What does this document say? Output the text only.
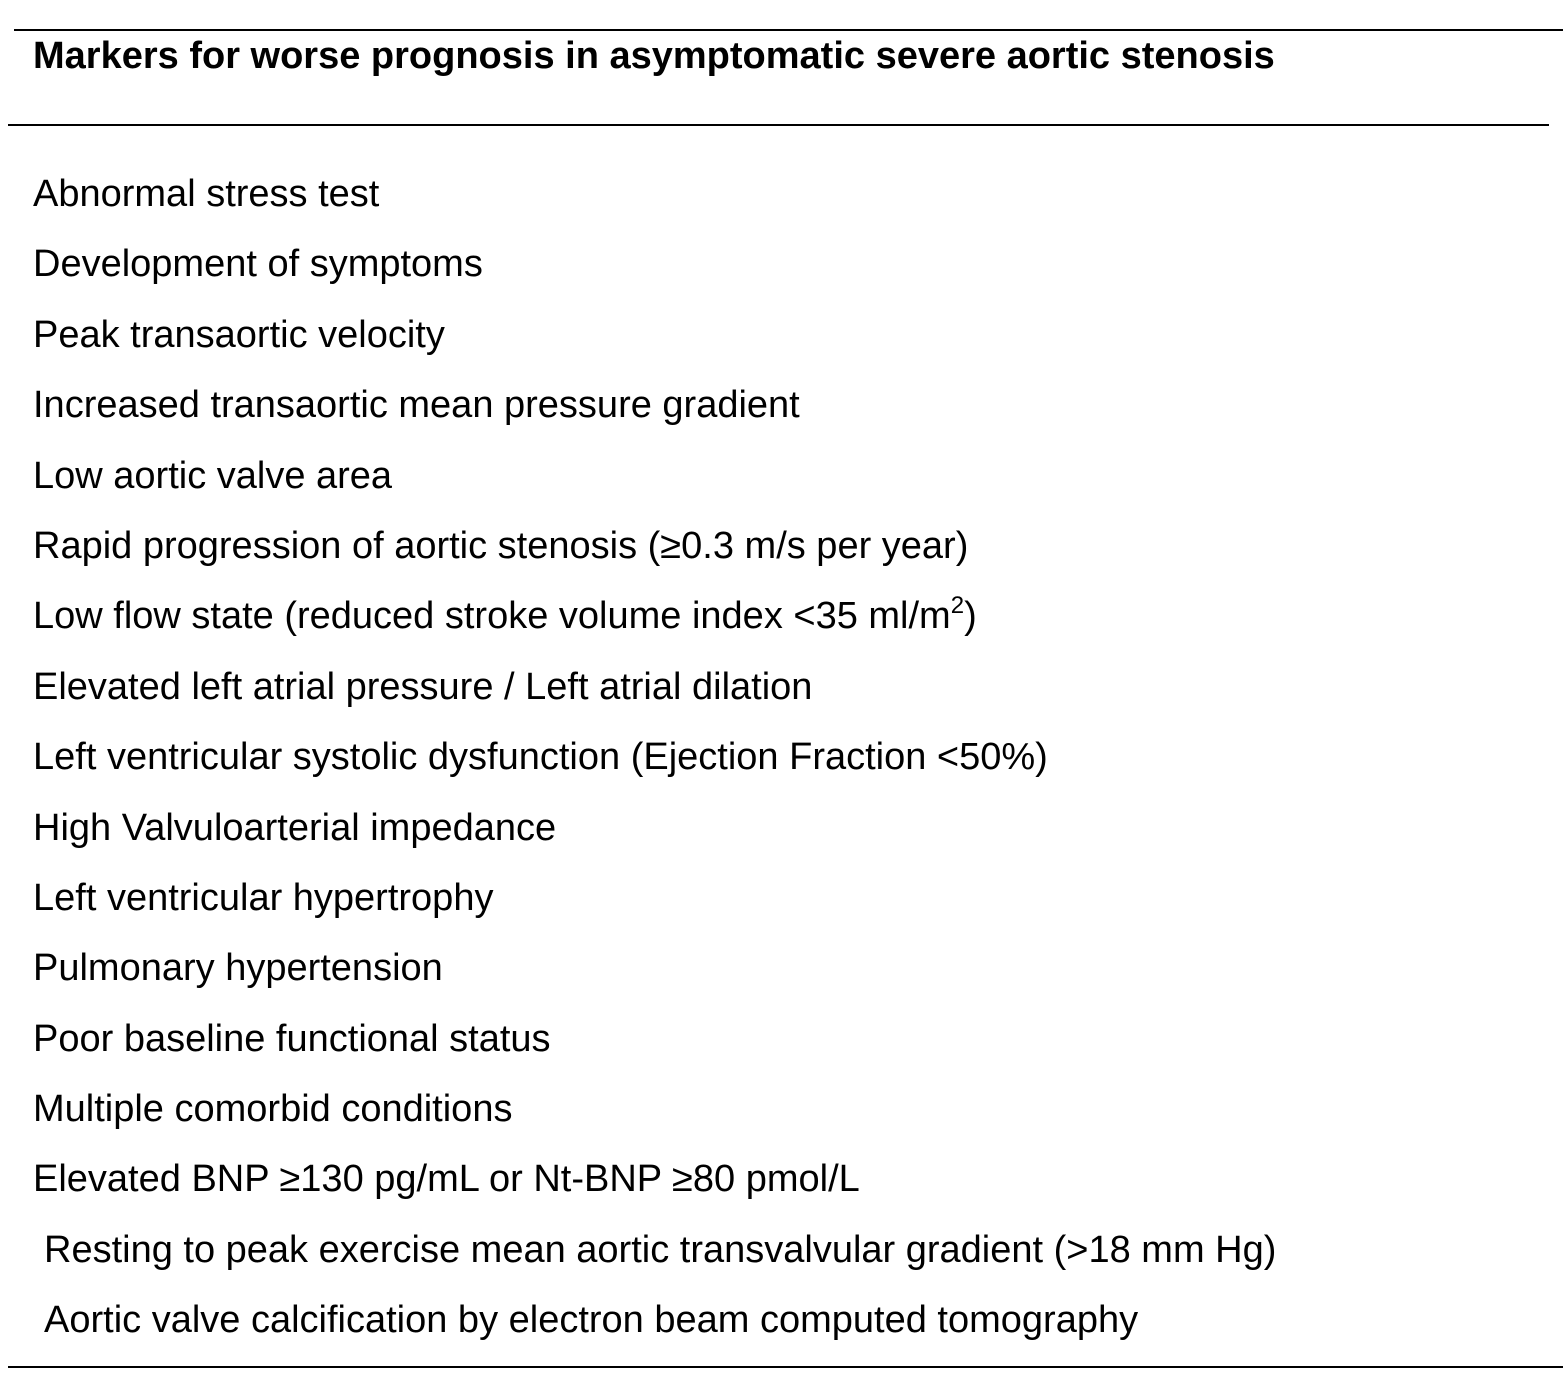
Markers for worse prognosis in asymptomatic severe aortic stenosis
Abnormal stress test
Development of symptoms
Peak transaortic velocity
Increased transaortic mean pressure gradient
Low aortic valve area
Rapid progression of aortic stenosis (≥0.3 m/s per year)
Low flow state (reduced stroke volume index <35 $ml/m^2$)
Elevated left atrial pressure / Left atrial dilation
Left ventricular systolic dysfunction (Ejection Fraction <50%)
High Valvuloarterial impedance
Left ventricular hypertrophy
Pulmonary hypertension
Poor baseline functional status
Multiple comorbid conditions
Elevated BNP ≥130 pg/mL or Nt-BNP ≥80 pmol/L
Resting to peak exercise mean aortic transvalvular gradient (>18 mm Hg)
Aortic valve calcification by electron beam computed tomography
